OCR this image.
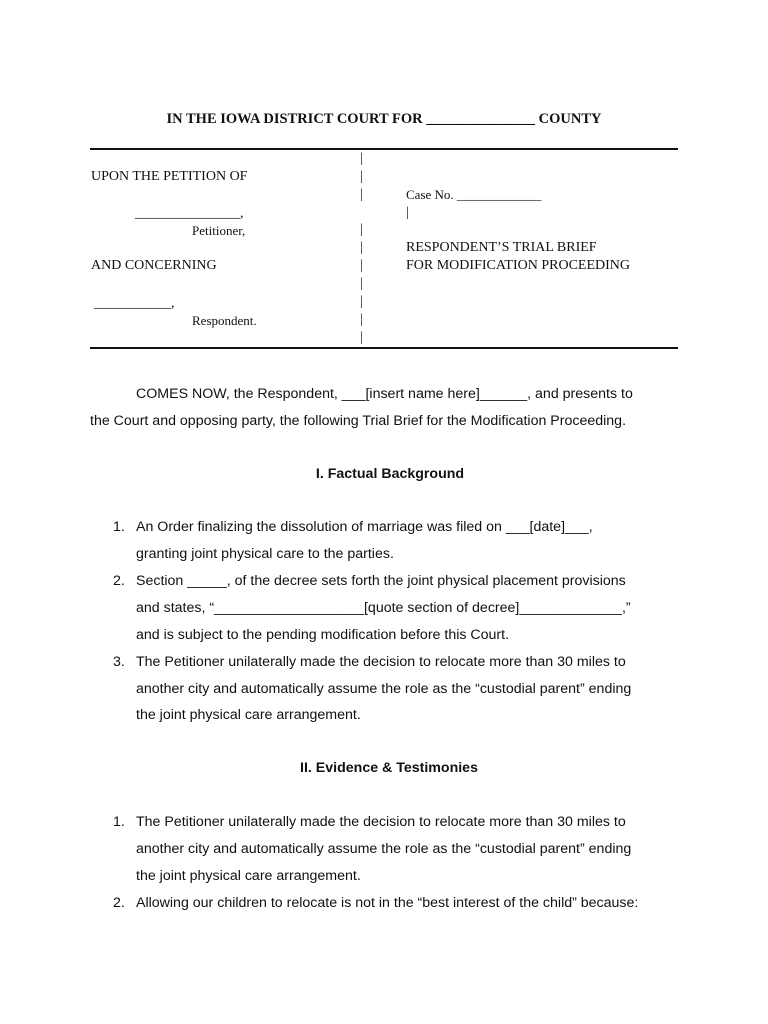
IN THE IOWA DISTRICT COURT FOR _______________ COUNTY
UPON THE PETITION OF
_______________,
Petitioner,
AND CONCERNING
___________,
Respondent.
|
|
|
|
|
|
|
|
|
|
Case No. _____________
|
RESPONDENT’S TRIAL BRIEF
FOR MODIFICATION PROCEEDING
COMES NOW, the Respondent, ___[insert name here]______, and presents to
the Court and opposing party, the following Trial Brief for the Modification Proceeding.
I. Factual Background
1. An Order finalizing the dissolution of marriage was filed on ___[date]___,
granting joint physical care to the parties.
2. Section _____, of the decree sets forth the joint physical placement provisions
and states, “___________________[quote section of decree]_____________,”
and is subject to the pending modification before this Court.
3. The Petitioner unilaterally made the decision to relocate more than 30 miles to
another city and automatically assume the role as the “custodial parent” ending
the joint physical care arrangement.
II. Evidence & Testimonies
1. The Petitioner unilaterally made the decision to relocate more than 30 miles to
another city and automatically assume the role as the “custodial parent” ending
the joint physical care arrangement.
2. Allowing our children to relocate is not in the “best interest of the child” because:
